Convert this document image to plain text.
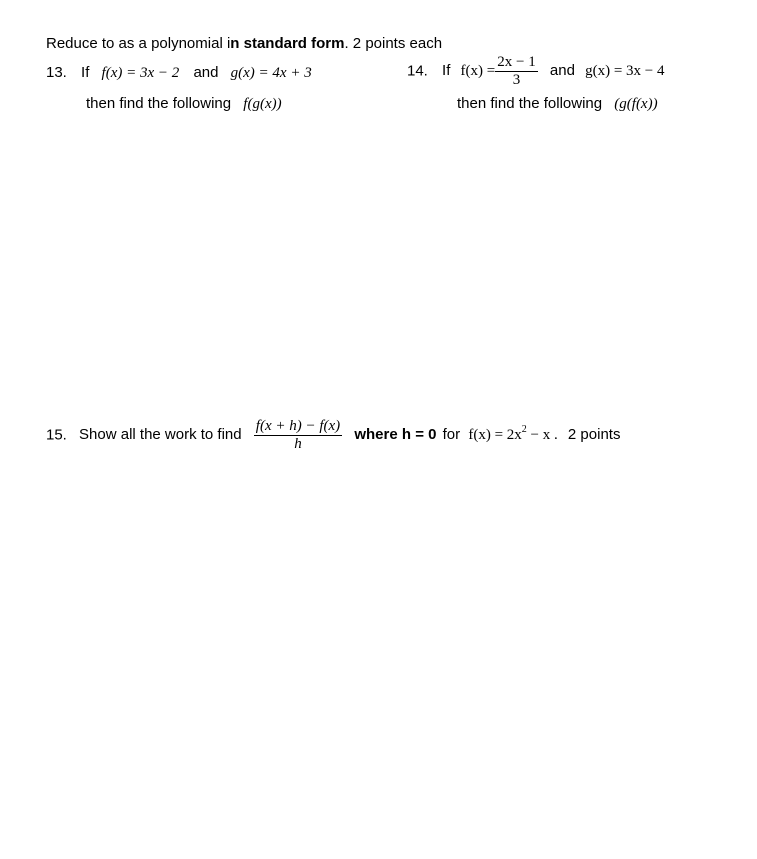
Reduce to as a polynomial in standard form. 2 points each
13. If f(x) = 3x − 2 and g(x) = 4x + 3
then find the following f(g(x))
14. If $f(x) = \frac{2x - 1}{3}$ and g(x) = 3x − 4
then find the following (g(f(x))
15. Show all the work to find $\frac{f(x + h) - f(x)}{h}$ where h = 0 for $f(x) = 2x^2 - x$ . 2 points
